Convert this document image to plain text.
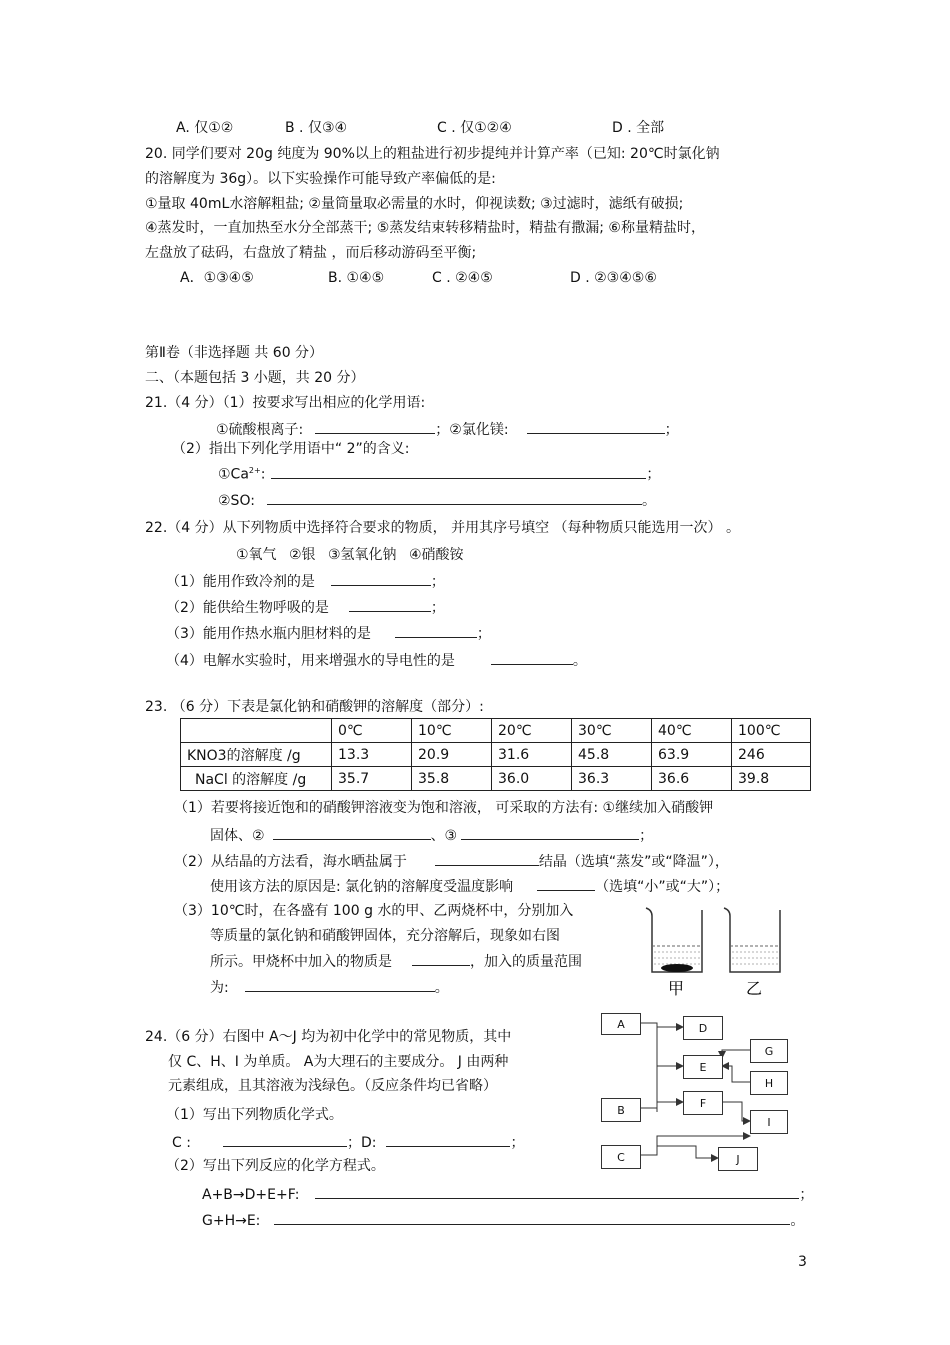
A. 仅①②	B . 仅③④	C . 仅①②④	D . 全部
20. 同学们要对 20g 纯度为 90%以上的粗盐进行初步提纯并计算产率（已知: 20℃时氯化钠
的溶解度为 36g）。以下实验操作可能导致产率偏低的是:
①量取 40mL水溶解粗盐; ②量筒量取必需量的水时，仰视读数; ③过滤时，滤纸有破损;
④蒸发时，一直加热至水分全部蒸干; ⑤蒸发结束转移精盐时，精盐有撒漏; ⑥称量精盐时，
左盘放了砝码，右盘放了精盐 ，而后移动游码至平衡;
A．①③④⑤	B. ①④⑤	C . ②④⑤	D . ②③④⑤⑥
第Ⅱ卷（非选择题 共 60 分）
二、（本题包括 3 小题，共 20 分）
21.（4 分）（1）按要求写出相应的化学用语:
①硫酸根离子:	；②氯化镁:	；
（2）指出下列化学用语中“ 2”的含义:
$①Ca^{2+}$:	；
②SO:	。
22.（4 分）从下列物质中选择符合要求的物质， 并用其序号填空 （每种物质只能选用一次） 。
①氧气 ②银 ③氢氧化钠 ④硝酸铵
（1）能用作致冷剂的是	；
（2）能供给生物呼吸的是	；
（3）能用作热水瓶内胆材料的是	；
（4）电解水实验时，用来增强水的导电性的是	。
23. （6 分）下表是氯化钠和硝酸钾的溶解度（部分）:
	0℃	10℃	20℃	30℃	40℃	100℃
KNO3的溶解度 /g	13.3	20.9	31.6	45.8	63.9	246
NaCl 的溶解度 /g	35.7	35.8	36.0	36.3	36.6	39.8
（1）若要将接近饱和的硝酸钾溶液变为饱和溶液， 可采取的方法有: ①继续加入硝酸钾
固体、②	、③	；
（2）从结晶的方法看，海水晒盐属于	结晶（选填“蒸发”或“降温”），
使用该方法的原因是: 氯化钠的溶解度受温度影响	（选填“小”或“大”）；
（3）10℃时，在各盛有 100 g 水的甲、乙两烧杯中，分别加入
等质量的氯化钠和硝酸钾固体，充分溶解后，现象如右图
所示。甲烧杯中加入的物质是	，加入的质量范围
为:	。	甲	乙
24.（6 分）右图中 A～J 均为初中化学中的常见物质，其中
仅 C、H、I 为单质。 A为大理石的主要成分。 J 由两种
元素组成，且其溶液为浅绿色。（反应条件均已省略）
（1）写出下列物质化学式。
C :	；D:	；
（2）写出下列反应的化学方程式。
A+B→D+E+F:	；
G+H→E:	。
A
B
C
D
E
F
G
H
I
J
3
